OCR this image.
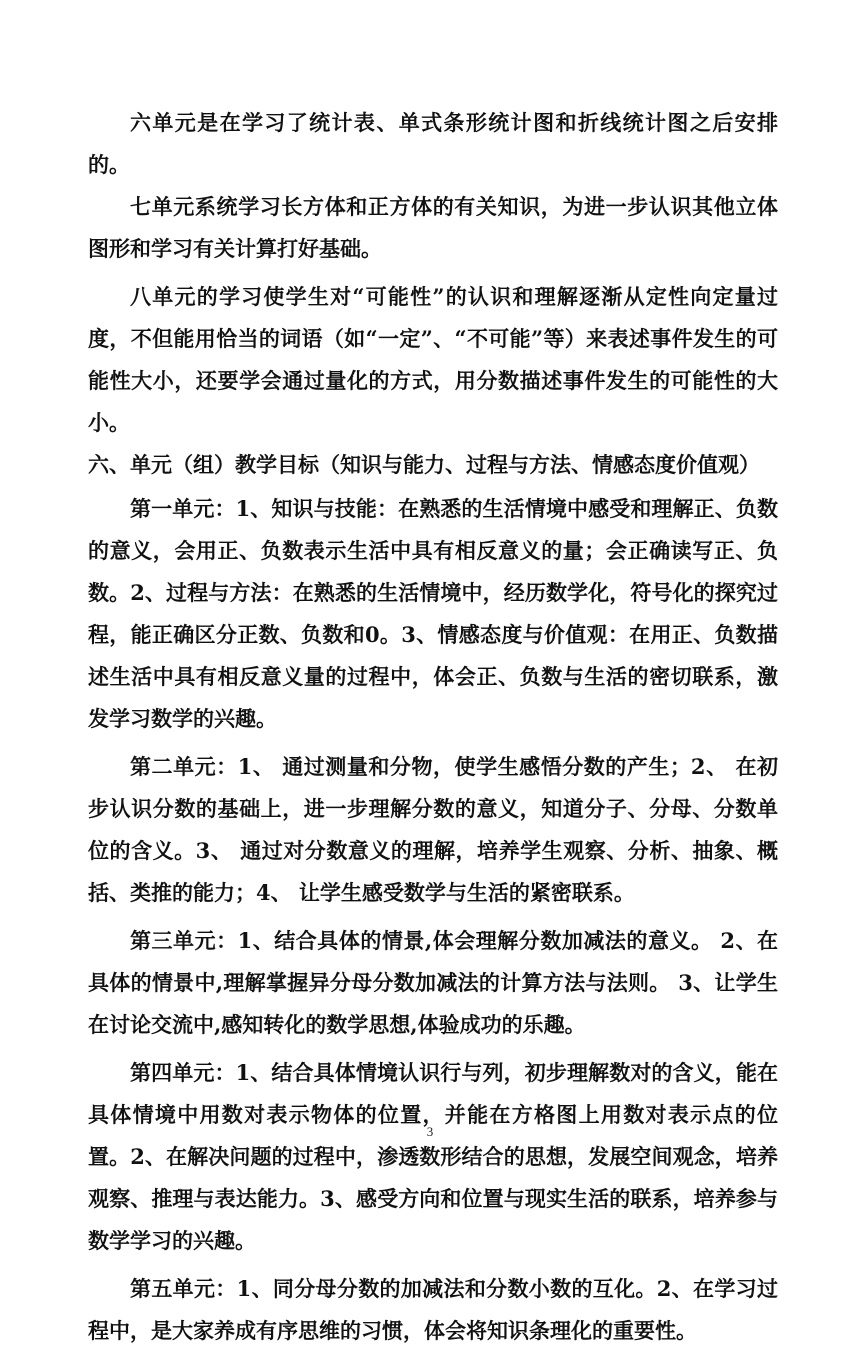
六单元是在学习了统计表、单式条形统计图和折线统计图之后安排的。

七单元系统学习长方体和正方体的有关知识，为进一步认识其他立体图形和学习有关计算打好基础。

八单元的学习使学生对“可能性”的认识和理解逐渐从定性向定量过度，不但能用恰当的词语（如“一定”、“不可能”等）来表述事件发生的可能性大小，还要学会通过量化的方式，用分数描述事件发生的可能性的大小。

六、单元（组）教学目标（知识与能力、过程与方法、情感态度价值观）

第一单元：1、知识与技能：在熟悉的生活情境中感受和理解正、负数的意义，会用正、负数表示生活中具有相反意义的量；会正确读写正、负数。2、过程与方法：在熟悉的生活情境中，经历数学化，符号化的探究过程，能正确区分正数、负数和0。3、情感态度与价值观：在用正、负数描述生活中具有相反意义量的过程中，体会正、负数与生活的密切联系，激发学习数学的兴趣。

第二单元：1、 通过测量和分物，使学生感悟分数的产生；2、 在初步认识分数的基础上，进一步理解分数的意义，知道分子、分母、分数单位的含义。3、 通过对分数意义的理解，培养学生观察、分析、抽象、概括、类推的能力；4、 让学生感受数学与生活的紧密联系。

第三单元：1、结合具体的情景,体会理解分数加减法的意义。 2、在具体的情景中,理解掌握异分母分数加减法的计算方法与法则。 3、让学生在讨论交流中,感知转化的数学思想,体验成功的乐趣。

第四单元：1、结合具体情境认识行与列，初步理解数对的含义，能在具体情境中用数对表示物体的位置，并能在方格图上用数对表示点的位置。2、在解决问题的过程中，渗透数形结合的思想，发展空间观念，培养观察、推理与表达能力。3、感受方向和位置与现实生活的联系，培养参与数学学习的兴趣。

第五单元：1、同分母分数的加减法和分数小数的互化。2、在学习过程中，是大家养成有序思维的习惯，体会将知识条理化的重要性。

3
